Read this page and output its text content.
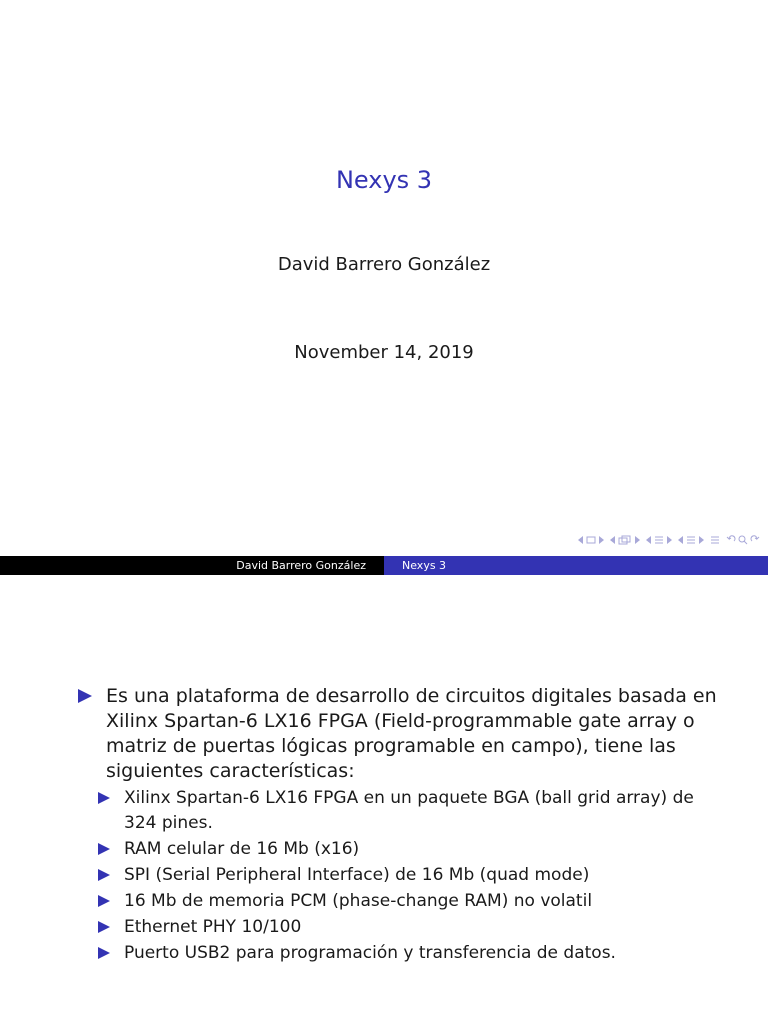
Nexys 3
David Barrero González
November 14, 2019
David Barrero González	Nexys 3
Es una plataforma de desarrollo de circuitos digitales basada en Xilinx Spartan-6 LX16 FPGA (Field-programmable gate array o matriz de puertas lógicas programable en campo), tiene las siguientes características:
Xilinx Spartan-6 LX16 FPGA en un paquete BGA (ball grid array) de 324 pines.
RAM celular de 16 Mb (x16)
SPI (Serial Peripheral Interface) de 16 Mb (quad mode)
16 Mb de memoria PCM (phase-change RAM) no volatil
Ethernet PHY 10/100
Puerto USB2 para programación y transferencia de datos.
